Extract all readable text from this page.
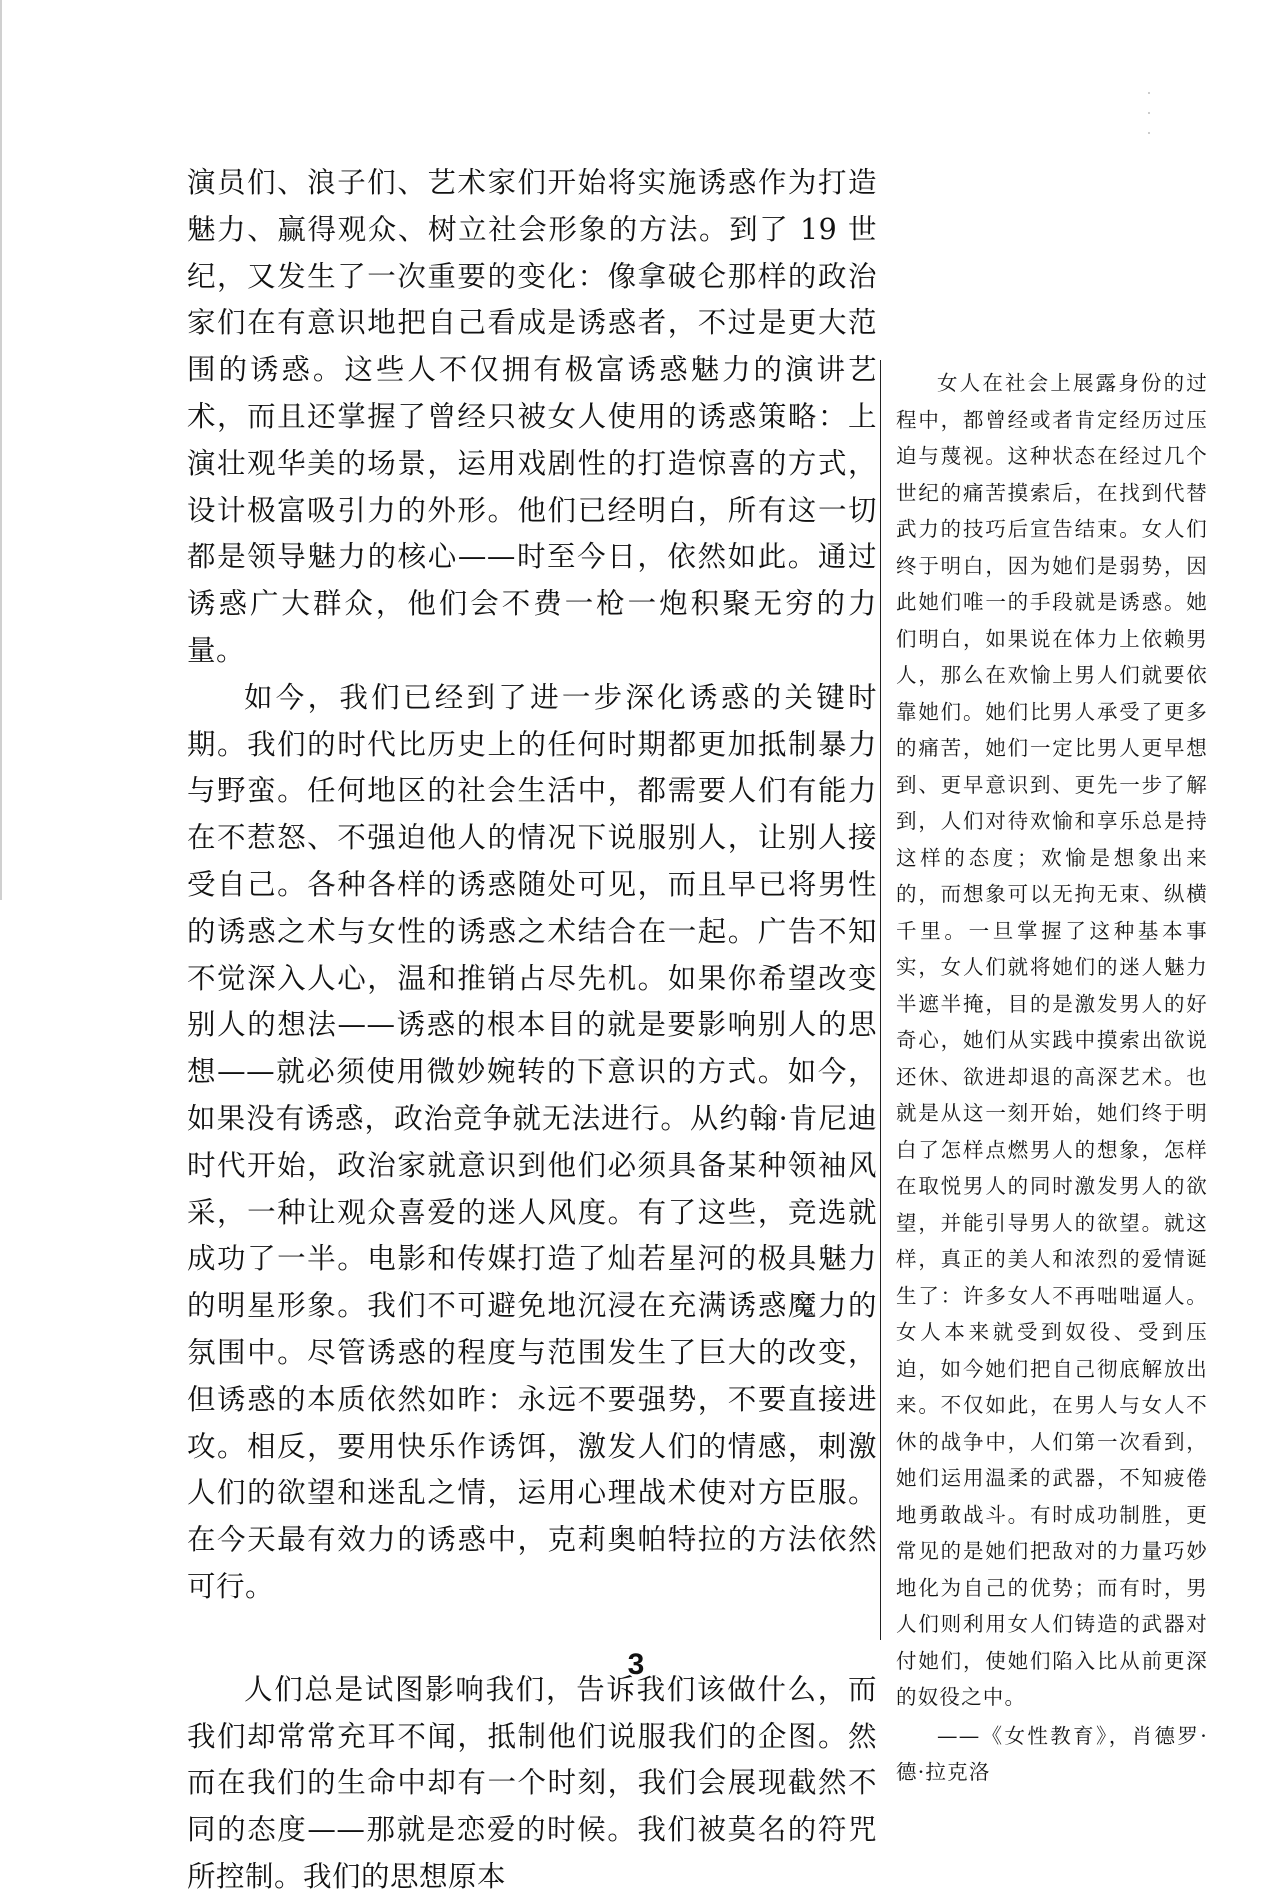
演员们、浪子们、艺术家们开始将实施诱惑作为打造魅力、赢得观众、树立社会形象的方法。到了 19 世纪，又发生了一次重要的变化：像拿破仑那样的政治家们在有意识地把自己看成是诱惑者，不过是更大范围的诱惑。这些人不仅拥有极富诱惑魅力的演讲艺术，而且还掌握了曾经只被女人使用的诱惑策略：上演壮观华美的场景，运用戏剧性的打造惊喜的方式，设计极富吸引力的外形。他们已经明白，所有这一切都是领导魅力的核心——时至今日，依然如此。通过诱惑广大群众，他们会不费一枪一炮积聚无穷的力量。

如今，我们已经到了进一步深化诱惑的关键时期。我们的时代比历史上的任何时期都更加抵制暴力与野蛮。任何地区的社会生活中，都需要人们有能力在不惹怒、不强迫他人的情况下说服别人，让别人接受自己。各种各样的诱惑随处可见，而且早已将男性的诱惑之术与女性的诱惑之术结合在一起。广告不知不觉深入人心，温和推销占尽先机。如果你希望改变别人的想法——诱惑的根本目的就是要影响别人的思想——就必须使用微妙婉转的下意识的方式。如今，如果没有诱惑，政治竞争就无法进行。从约翰·肯尼迪时代开始，政治家就意识到他们必须具备某种领袖风采，一种让观众喜爱的迷人风度。有了这些，竞选就成功了一半。电影和传媒打造了灿若星河的极具魅力的明星形象。我们不可避免地沉浸在充满诱惑魔力的氛围中。尽管诱惑的程度与范围发生了巨大的改变，但诱惑的本质依然如昨：永远不要强势，不要直接进攻。相反，要用快乐作诱饵，激发人们的情感，刺激人们的欲望和迷乱之情，运用心理战术使对方臣服。在今天最有效力的诱惑中，克莉奥帕特拉的方法依然可行。

人们总是试图影响我们，告诉我们该做什么，而我们却常常充耳不闻，抵制他们说服我们的企图。然而在我们的生命中却有一个时刻，我们会展现截然不同的态度——那就是恋爱的时候。我们被莫名的符咒所控制。我们的思想原本

女人在社会上展露身份的过程中，都曾经或者肯定经历过压迫与蔑视。这种状态在经过几个世纪的痛苦摸索后，在找到代替武力的技巧后宣告结束。女人们终于明白，因为她们是弱势，因此她们唯一的手段就是诱惑。她们明白，如果说在体力上依赖男人，那么在欢愉上男人们就要依靠她们。她们比男人承受了更多的痛苦，她们一定比男人更早想到、更早意识到、更先一步了解到，人们对待欢愉和享乐总是持这样的态度；欢愉是想象出来的，而想象可以无拘无束、纵横千里。一旦掌握了这种基本事实，女人们就将她们的迷人魅力半遮半掩，目的是激发男人的好奇心，她们从实践中摸索出欲说还休、欲进却退的高深艺术。也就是从这一刻开始，她们终于明白了怎样点燃男人的想象，怎样在取悦男人的同时激发男人的欲望，并能引导男人的欲望。就这样，真正的美人和浓烈的爱情诞生了：许多女人不再咄咄逼人。女人本来就受到奴役、受到压迫，如今她们把自己彻底解放出来。不仅如此，在男人与女人不休的战争中，人们第一次看到，她们运用温柔的武器，不知疲倦地勇敢战斗。有时成功制胜，更常见的是她们把敌对的力量巧妙地化为自己的优势；而有时，男人们则利用女人们铸造的武器对付她们，使她们陷入比从前更深的奴役之中。

——《女性教育》，肖德罗·德·拉克洛

3
